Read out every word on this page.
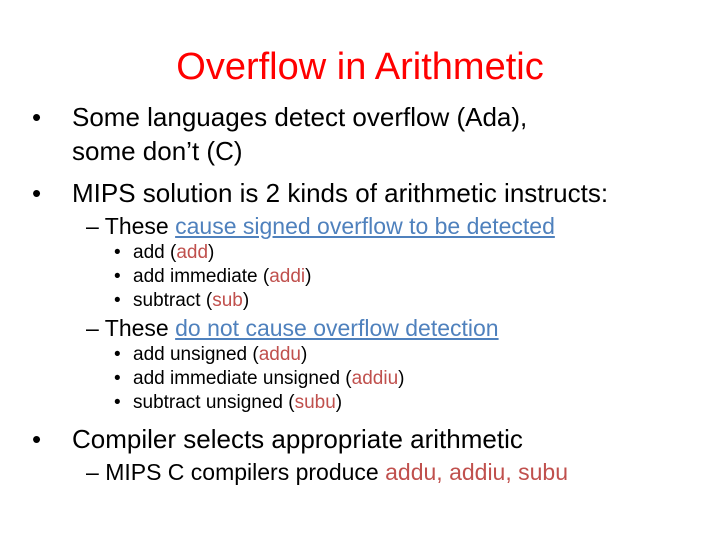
Overflow in Arithmetic
• Some languages detect overflow (Ada),
some don’t (C)
• MIPS solution is 2 kinds of arithmetic instructs:
– These cause signed overflow to be detected
• add (add)
• add immediate (addi)
• subtract (sub)
– These do not cause overflow detection
• add unsigned (addu)
• add immediate unsigned (addiu)
• subtract unsigned (subu)
• Compiler selects appropriate arithmetic
– MIPS C compilers produce addu, addiu, subu
